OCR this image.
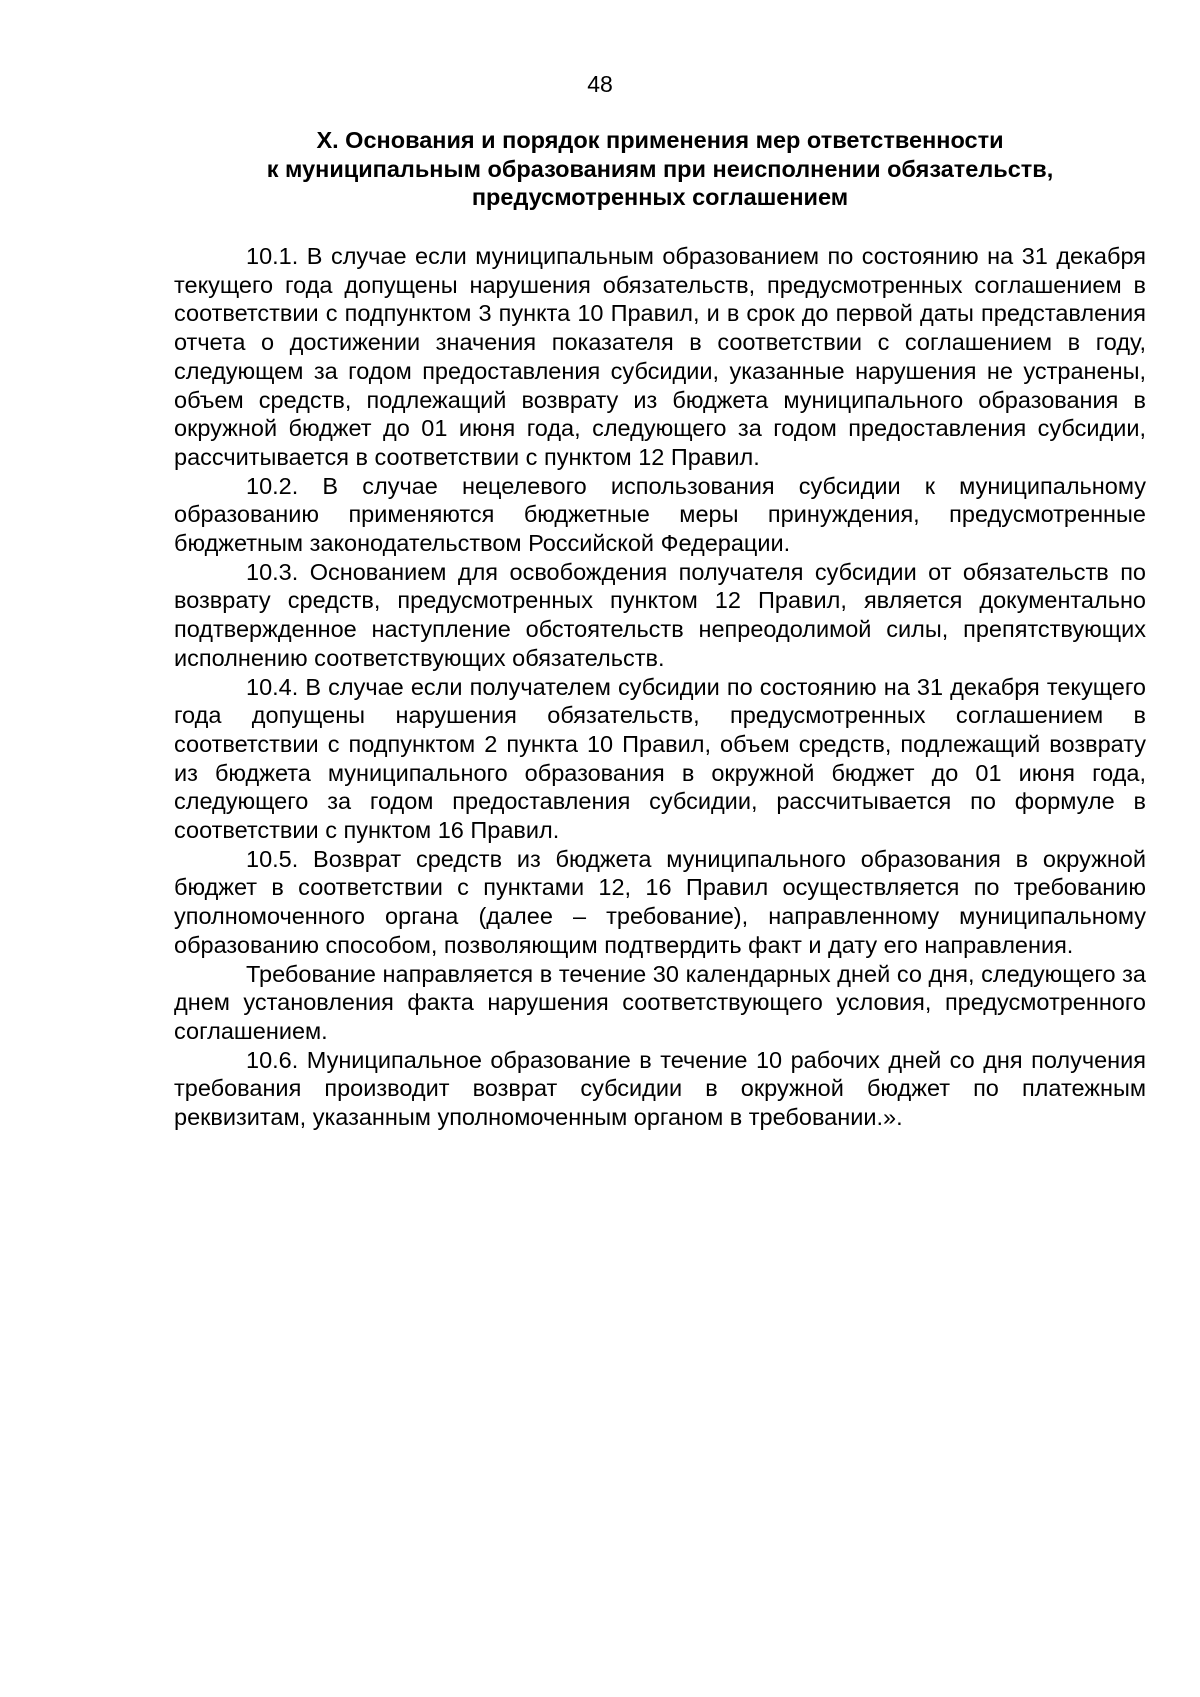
48
X. Основания и порядок применения мер ответственности
к муниципальным образованиям при неисполнении обязательств,
предусмотренных соглашением

10.1. В случае если муниципальным образованием по состоянию на 31 декабря текущего года допущены нарушения обязательств, предусмотренных соглашением в соответствии с подпунктом 3 пункта 10 Правил, и в срок до первой даты представления отчета о достижении значения показателя в соответствии с соглашением в году, следующем за годом предоставления субсидии, указанные нарушения не устранены, объем средств, подлежащий возврату из бюджета муниципального образования в окружной бюджет до 01 июня года, следующего за годом предоставления субсидии, рассчитывается в соответствии с пунктом 12 Правил.

10.2. В случае нецелевого использования субсидии к муниципальному образованию применяются бюджетные меры принуждения, предусмотренные бюджетным законодательством Российской Федерации.

10.3. Основанием для освобождения получателя субсидии от обязательств по возврату средств, предусмотренных пунктом 12 Правил, является документально подтвержденное наступление обстоятельств непреодолимой силы, препятствующих исполнению соответствующих обязательств.

10.4. В случае если получателем субсидии по состоянию на 31 декабря текущего года допущены нарушения обязательств, предусмотренных соглашением в соответствии с подпунктом 2 пункта 10 Правил, объем средств, подлежащий возврату из бюджета муниципального образования в окружной бюджет до 01 июня года, следующего за годом предоставления субсидии, рассчитывается по формуле в соответствии с пунктом 16 Правил.

10.5. Возврат средств из бюджета муниципального образования в окружной бюджет в соответствии с пунктами 12, 16 Правил осуществляется по требованию уполномоченного органа (далее – требование), направленному муниципальному образованию способом, позволяющим подтвердить факт и дату его направления.

Требование направляется в течение 30 календарных дней со дня, следующего за днем установления факта нарушения соответствующего условия, предусмотренного соглашением.

10.6. Муниципальное образование в течение 10 рабочих дней со дня получения требования производит возврат субсидии в окружной бюджет по платежным реквизитам, указанным уполномоченным органом в требовании.».
